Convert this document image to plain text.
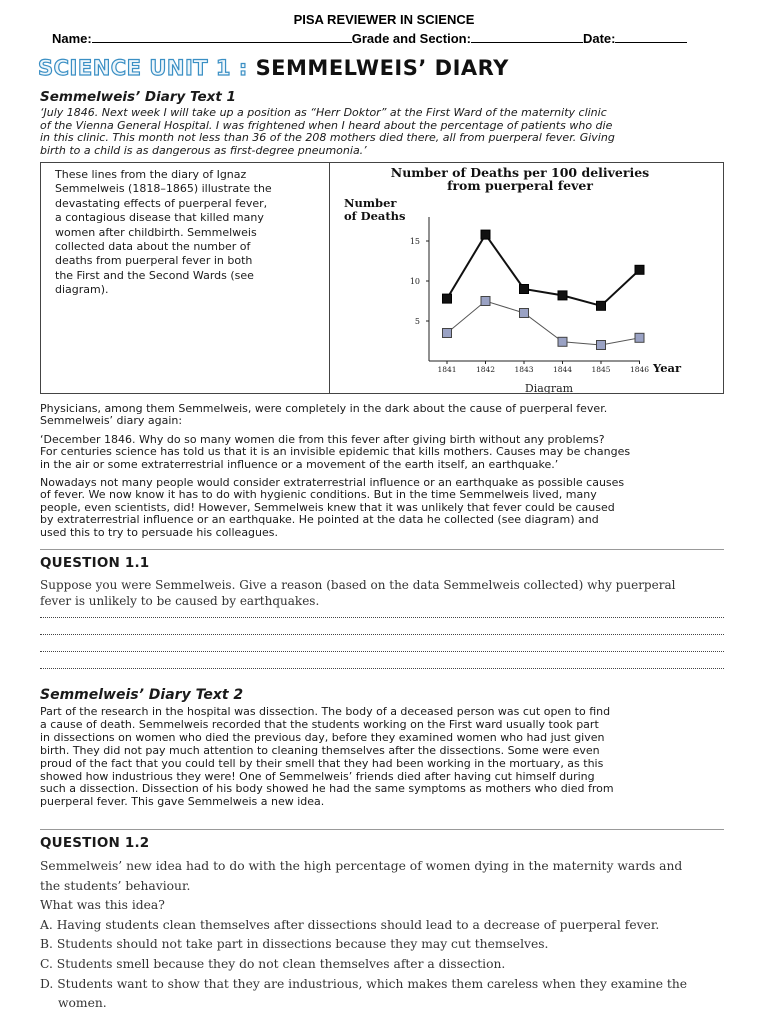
PISA REVIEWER IN SCIENCE
Name:	Grade and Section:	Date:
SCIENCE UNIT 1 : SEMMELWEIS’ DIARY
Semmelweis’ Diary Text 1
‘July 1846. Next week I will take up a position as “Herr Doktor” at the First Ward of the maternity clinic
of the Vienna General Hospital. I was frightened when I heard about the percentage of patients who die
in this clinic. This month not less than 36 of the 208 mothers died there, all from puerperal fever. Giving
birth to a child is as dangerous as first-degree pneumonia.’
These lines from the diary of Ignaz
Semmelweis (1818–1865) illustrate the
devastating effects of puerperal fever,
a contagious disease that killed many
women after childbirth. Semmelweis
collected data about the number of
deaths from puerperal fever in both
the First and the Second Wards (see
diagram).
Number of Deaths per 100 deliveries
from puerperal fever
Number
of Deaths
5
10
15
1841	1842	1843	1844	1845	1846 Year
Diagram
Physicians, among them Semmelweis, were completely in the dark about the cause of puerperal fever.
Semmelweis’ diary again:
‘December 1846. Why do so many women die from this fever after giving birth without any problems?
For centuries science has told us that it is an invisible epidemic that kills mothers. Causes may be changes
in the air or some extraterrestrial influence or a movement of the earth itself, an earthquake.’
Nowadays not many people would consider extraterrestrial influence or an earthquake as possible causes
of fever. We now know it has to do with hygienic conditions. But in the time Semmelweis lived, many
people, even scientists, did! However, Semmelweis knew that it was unlikely that fever could be caused
by extraterrestrial influence or an earthquake. He pointed at the data he collected (see diagram) and
used this to try to persuade his colleagues.
QUESTION 1.1
Suppose you were Semmelweis. Give a reason (based on the data Semmelweis collected) why puerperal
fever is unlikely to be caused by earthquakes.
Semmelweis’ Diary Text 2
Part of the research in the hospital was dissection. The body of a deceased person was cut open to find
a cause of death. Semmelweis recorded that the students working on the First ward usually took part
in dissections on women who died the previous day, before they examined women who had just given
birth. They did not pay much attention to cleaning themselves after the dissections. Some were even
proud of the fact that you could tell by their smell that they had been working in the mortuary, as this
showed how industrious they were! One of Semmelweis’ friends died after having cut himself during
such a dissection. Dissection of his body showed he had the same symptoms as mothers who died from
puerperal fever. This gave Semmelweis a new idea.
QUESTION 1.2
Semmelweis’ new idea had to do with the high percentage of women dying in the maternity wards and
the students’ behaviour.
What was this idea?
A. Having students clean themselves after dissections should lead to a decrease of puerperal fever.
B. Students should not take part in dissections because they may cut themselves.
C. Students smell because they do not clean themselves after a dissection.
D. Students want to show that they are industrious, which makes them careless when they examine the
women.
